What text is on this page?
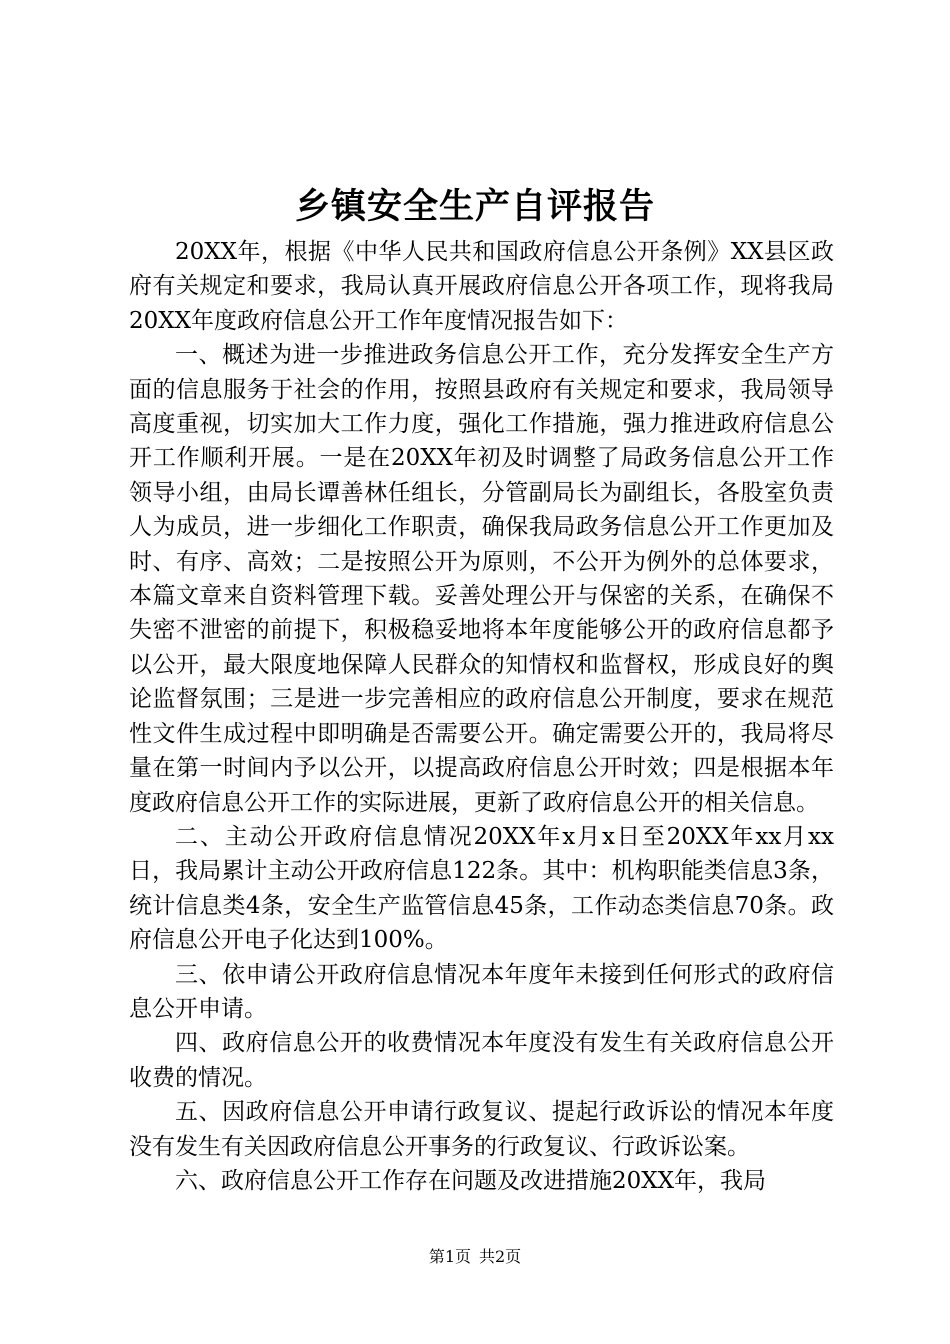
乡镇安全生产自评报告

20XX年，根据《中华人民共和国政府信息公开条例》XX县区政府有关规定和要求，我局认真开展政府信息公开各项工作，现将我局20XX年度政府信息公开工作年度情况报告如下：

一、概述为进一步推进政务信息公开工作，充分发挥安全生产方面的信息服务于社会的作用，按照县政府有关规定和要求，我局领导高度重视，切实加大工作力度，强化工作措施，强力推进政府信息公开工作顺利开展。一是在20XX年初及时调整了局政务信息公开工作领导小组，由局长谭善林任组长，分管副局长为副组长，各股室负责人为成员，进一步细化工作职责，确保我局政务信息公开工作更加及时、有序、高效；二是按照公开为原则，不公开为例外的总体要求，本篇文章来自资料管理下载。妥善处理公开与保密的关系，在确保不失密不泄密的前提下，积极稳妥地将本年度能够公开的政府信息都予以公开，最大限度地保障人民群众的知情权和监督权，形成良好的舆论监督氛围；三是进一步完善相应的政府信息公开制度，要求在规范性文件生成过程中即明确是否需要公开。确定需要公开的，我局将尽量在第一时间内予以公开，以提高政府信息公开时效；四是根据本年度政府信息公开工作的实际进展，更新了政府信息公开的相关信息。

二、主动公开政府信息情况20XX年x月x日至20XX年xx月xx日，我局累计主动公开政府信息122条。其中：机构职能类信息3条，统计信息类4条，安全生产监管信息45条，工作动态类信息70条。政府信息公开电子化达到100%。

三、依申请公开政府信息情况本年度年未接到任何形式的政府信息公开申请。

四、政府信息公开的收费情况本年度没有发生有关政府信息公开收费的情况。

五、因政府信息公开申请行政复议、提起行政诉讼的情况本年度没有发生有关因政府信息公开事务的行政复议、行政诉讼案。

六、政府信息公开工作存在问题及改进措施20XX年，我局

第1页 共2页
